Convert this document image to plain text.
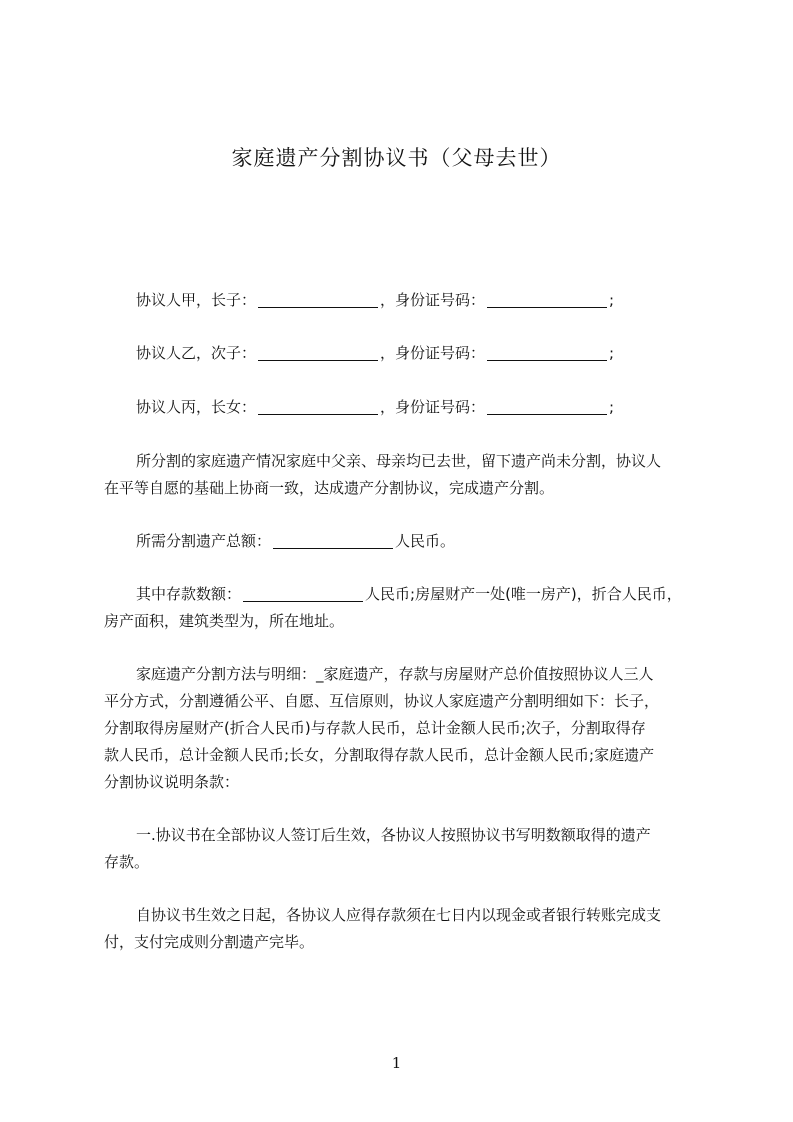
家庭遗产分割协议书（父母去世）
协议人甲，长子：	，身份证号码：	;
协议人乙，次子：	，身份证号码：	;
协议人丙，长女：	，身份证号码：	;
所分割的家庭遗产情况家庭中父亲、母亲均已去世，留下遗产尚未分割，协议人
在平等自愿的基础上协商一致，达成遗产分割协议，完成遗产分割。
所需分割遗产总额：	人民币。
其中存款数额：	人民币;房屋财产一处(唯一房产)，折合人民币，
房产面积，建筑类型为，所在地址。
家庭遗产分割方法与明细：_家庭遗产，存款与房屋财产总价值按照协议人三人
平分方式，分割遵循公平、自愿、互信原则，协议人家庭遗产分割明细如下：长子，
分割取得房屋财产(折合人民币)与存款人民币，总计金额人民币;次子，分割取得存
款人民币，总计金额人民币;长女，分割取得存款人民币，总计金额人民币;家庭遗产
分割协议说明条款：
一.协议书在全部协议人签订后生效，各协议人按照协议书写明数额取得的遗产
存款。
自协议书生效之日起，各协议人应得存款须在七日内以现金或者银行转账完成支
付，支付完成则分割遗产完毕。
1
